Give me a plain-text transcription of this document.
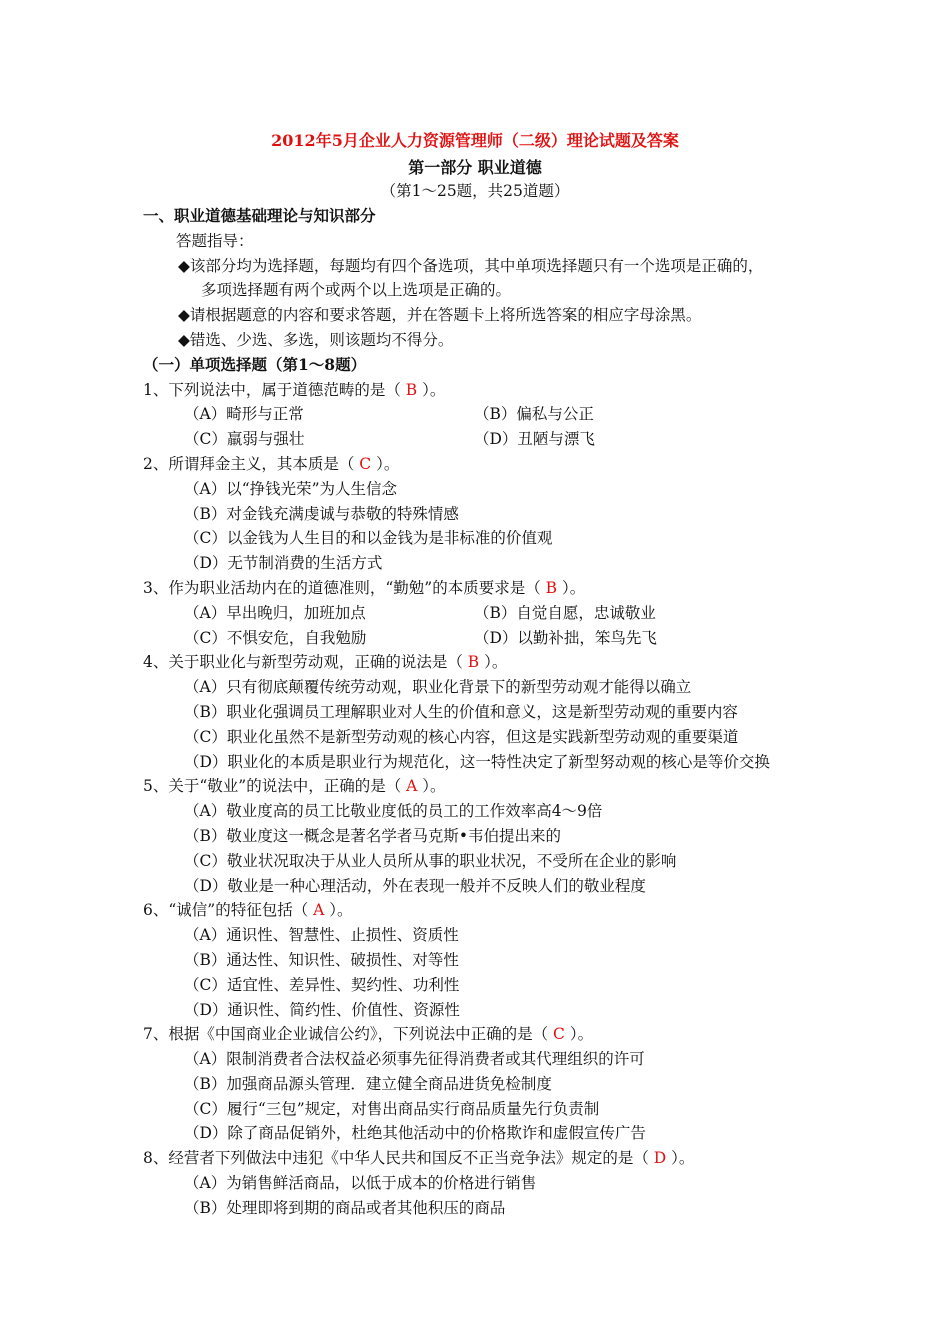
2012年5月企业人力资源管理师（二级）理论试题及答案
第一部分 职业道德
（第1～25题，共25道题）
一、职业道德基础理论与知识部分
答题指导：
◆该部分均为选择题，每题均有四个备选项，其中单项选择题只有一个选项是正确的，
多项选择题有两个或两个以上选项是正确的。
◆请根据题意的内容和要求答题，并在答题卡上将所选答案的相应字母涂黑。
◆错选、少选、多选，则该题均不得分。
（一）单项选择题（第1～8题）
1、下列说法中，属于道德范畴的是（ B ）。
（A）畸形与正常	（B）偏私与公正
（C）羸弱与强壮	（D）丑陋与漂飞
2、所谓拜金主义，其本质是（ C ）。
（A）以“挣钱光荣”为人生信念
（B）对金钱充满虔诚与恭敬的特殊情感
（C）以金钱为人生目的和以金钱为是非标准的价值观
（D）无节制消费的生活方式
3、作为职业活劫内在的道德准则，“勤勉”的本质要求是（ B ）。
（A）早出晚归，加班加点	（B）自觉自愿，忠诚敬业
（C）不惧安危，自我勉励	（D）以勤补拙，笨鸟先飞
4、关于职业化与新型劳动观，正确的说法是（ B ）。
（A）只有彻底颠覆传统劳动观，职业化背景下的新型劳动观才能得以确立
（B）职业化强调员工理解职业对人生的价值和意义，这是新型劳动观的重要内容
（C）职业化虽然不是新型劳动观的核心内容，但这是实践新型劳动观的重要渠道
（D）职业化的本质是职业行为规范化，这一特性决定了新型努动观的核心是等价交换
5、关于“敬业”的说法中，正确的是（ A ）。
（A）敬业度高的员工比敬业度低的员工的工作效率高4～9倍
（B）敬业度这一概念是著名学者马克斯•韦伯提出来的
（C）敬业状况取决于从业人员所从事的职业状况，不受所在企业的影响
（D）敬业是一种心理活动，外在表现一般并不反映人们的敬业程度
6、“诚信”的特征包括（ A ）。
（A）通识性、智慧性、止损性、资质性
（B）通达性、知识性、破损性、对等性
（C）适宜性、差异性、契约性、功利性
（D）通识性、简约性、价值性、资源性
7、根据《中国商业企业诚信公约》，下列说法中正确的是（ C ）。
（A）限制消费者合法权益必须事先征得消费者或其代理组织的许可
（B）加强商品源头管理．建立健全商品进货免检制度
（C）履行“三包”规定，对售出商品实行商品质量先行负责制
（D）除了商品促销外，杜绝其他活动中的价格欺诈和虚假宣传广告
8、经营者下列做法中违犯《中华人民共和国反不正当竞争法》规定的是（ D ）。
（A）为销售鲜活商品，以低于成本的价格进行销售
（B）处理即将到期的商品或者其他积压的商品
